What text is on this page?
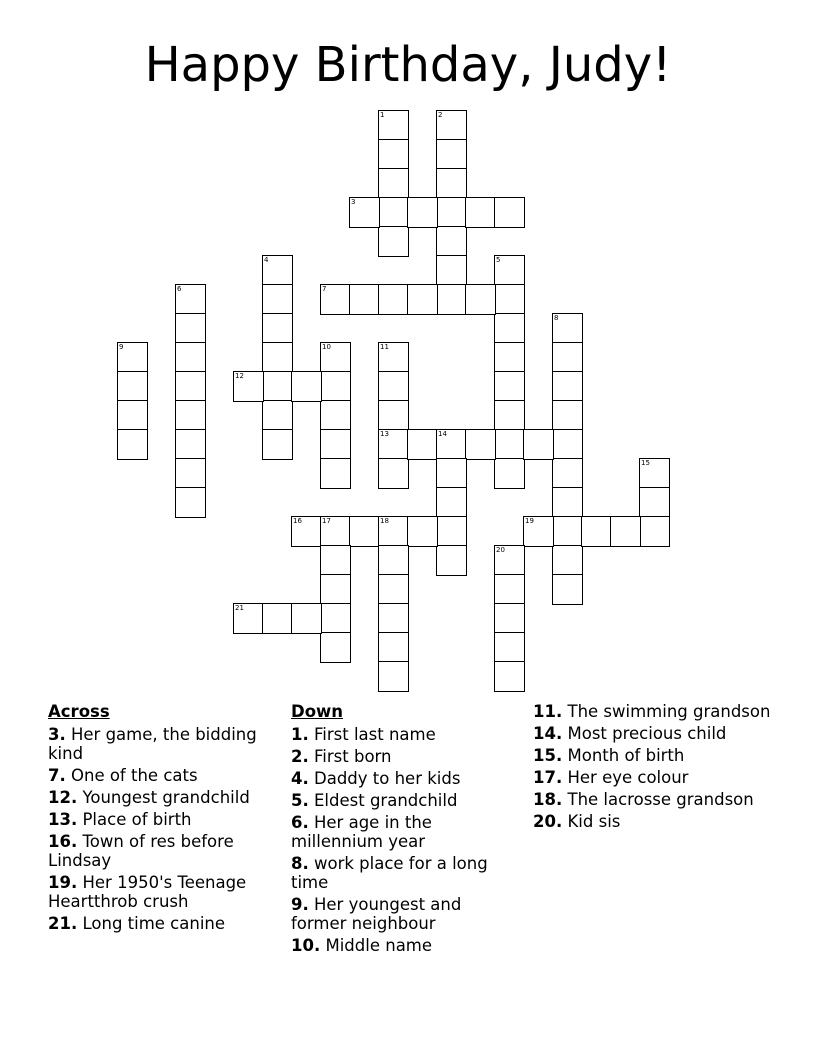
Happy Birthday, Judy!
1	2
3
4	5
6	7
8
9	10	11
13
12
14
15
16	17	18	19
20
21
Across
3. Her game, the bidding kind
7. One of the cats
12. Youngest grandchild
13. Place of birth
16. Town of res before Lindsay
19. Her 1950's Teenage Heartthrob crush
21. Long time canine
Down
1. First last name
2. First born
4. Daddy to her kids
5. Eldest grandchild
6. Her age in the millennium year
8. work place for a long time
9. Her youngest and former neighbour
10. Middle name
11. The swimming grandson
14. Most precious child
15. Month of birth
17. Her eye colour
18. The lacrosse grandson
20. Kid sis
